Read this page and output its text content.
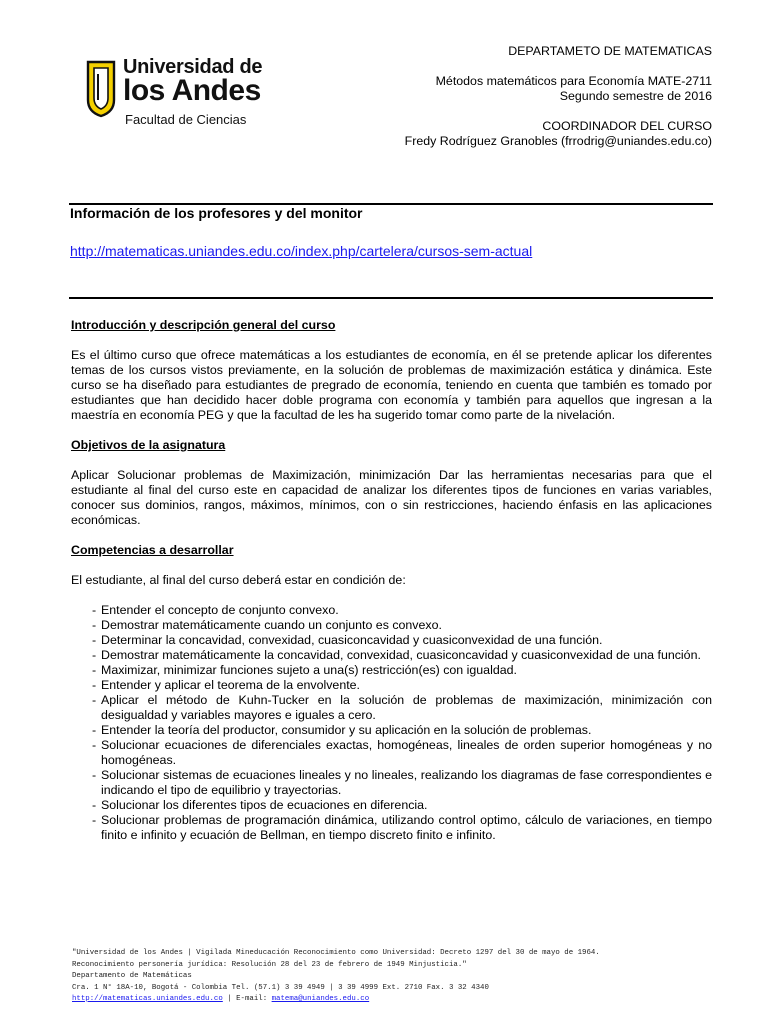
Universidad de
los Andes
Facultad de Ciencias
DEPARTAMETO DE MATEMATICAS
Métodos matemáticos para Economía MATE-2711
Segundo semestre de 2016
COORDINADOR DEL CURSO
Fredy Rodríguez Granobles (frrodrig@uniandes.edu.co)
Información de los profesores y del monitor
http://matematicas.uniandes.edu.co/index.php/cartelera/cursos-sem-actual
Introducción y descripción general del curso

Es el último curso que ofrece matemáticas a los estudiantes de economía, en él se pretende aplicar los diferentes temas de los cursos vistos previamente, en la solución de problemas de maximización estática y dinámica. Este curso se ha diseñado para estudiantes de pregrado de economía, teniendo en cuenta que también es tomado por estudiantes que han decidido hacer doble programa con economía y también para aquellos que ingresan a la maestría en economía PEG y que la facultad de les ha sugerido tomar como parte de la nivelación.

Objetivos de la asignatura

Aplicar Solucionar problemas de Maximización, minimización Dar las herramientas necesarias para que el estudiante al final del curso este en capacidad de analizar los diferentes tipos de funciones en varias variables, conocer sus dominios, rangos, máximos, mínimos, con o sin restricciones, haciendo énfasis en las aplicaciones económicas.

Competencias a desarrollar

El estudiante, al final del curso deberá estar en condición de:

- Entender el concepto de conjunto convexo.
- Demostrar matemáticamente cuando un conjunto es convexo.
- Determinar la concavidad, convexidad, cuasiconcavidad y cuasiconvexidad de una función.
- Demostrar matemáticamente la concavidad, convexidad, cuasiconcavidad y cuasiconvexidad de una función.
- Maximizar, minimizar funciones sujeto a una(s) restricción(es) con igualdad.
- Entender y aplicar el teorema de la envolvente.
- Aplicar el método de Kuhn-Tucker en la solución de problemas de maximización, minimización con desigualdad y variables mayores e iguales a cero.
- Entender la teoría del productor, consumidor y su aplicación en la solución de problemas.
- Solucionar ecuaciones de diferenciales exactas, homogéneas, lineales de orden superior homogéneas y no homogéneas.
- Solucionar sistemas de ecuaciones lineales y no lineales, realizando los diagramas de fase correspondientes e indicando el tipo de equilibrio y trayectorias.
- Solucionar los diferentes tipos de ecuaciones en diferencia.
- Solucionar problemas de programación dinámica, utilizando control optimo, cálculo de variaciones, en tiempo finito e infinito y ecuación de Bellman, en tiempo discreto finito e infinito.
"Universidad de los Andes | Vigilada Mineducación Reconocimiento como Universidad: Decreto 1297 del 30 de mayo de 1964.
Reconocimiento personería jurídica: Resolución 28 del 23 de febrero de 1949 Minjusticia."
Departamento de Matemáticas
Cra. 1 N° 18A-10, Bogotá - Colombia Tel. (57.1) 3 39 4949 | 3 39 4999 Ext. 2710 Fax. 3 32 4340
http://matematicas.uniandes.edu.co | E-mail: matema@uniandes.edu.co
